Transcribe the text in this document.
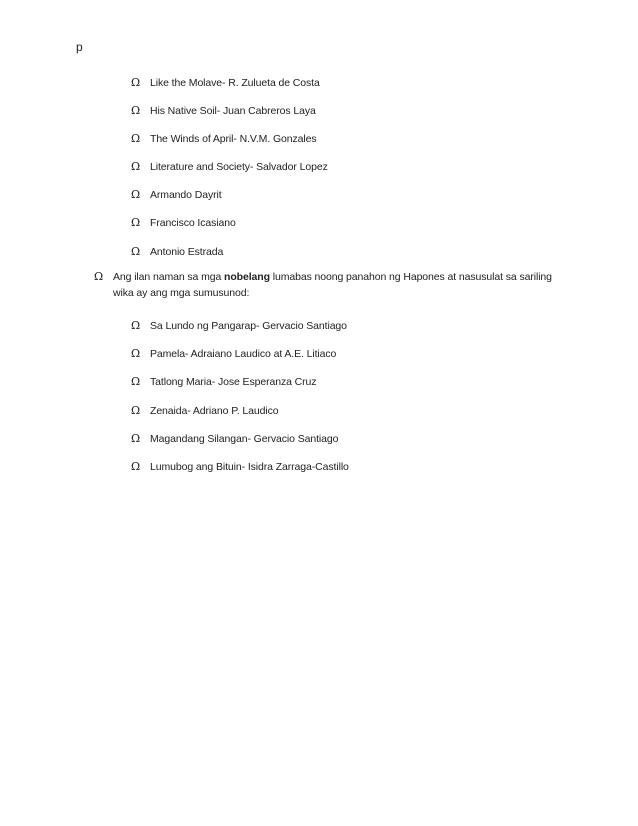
p
Ω Like the Molave- R. Zulueta de Costa
Ω His Native Soil- Juan Cabreros Laya
Ω The Winds of April- N.V.M. Gonzales
Ω Literature and Society- Salvador Lopez
Ω Armando Dayrit
Ω Francisco Icasiano
Ω Antonio Estrada
Ω Ang ilan naman sa mga nobelang lumabas noong panahon ng Hapones at nasusulat sa sariling wika ay ang mga sumusunod:
Ω Sa Lundo ng Pangarap- Gervacio Santiago
Ω Pamela- Adraiano Laudico at A.E. Litiaco
Ω Tatlong Maria- Jose Esperanza Cruz
Ω Zenaida- Adriano P. Laudico
Ω Magandang Silangan- Gervacio Santiago
Ω Lumubog ang Bituin- Isidra Zarraga-Castillo
